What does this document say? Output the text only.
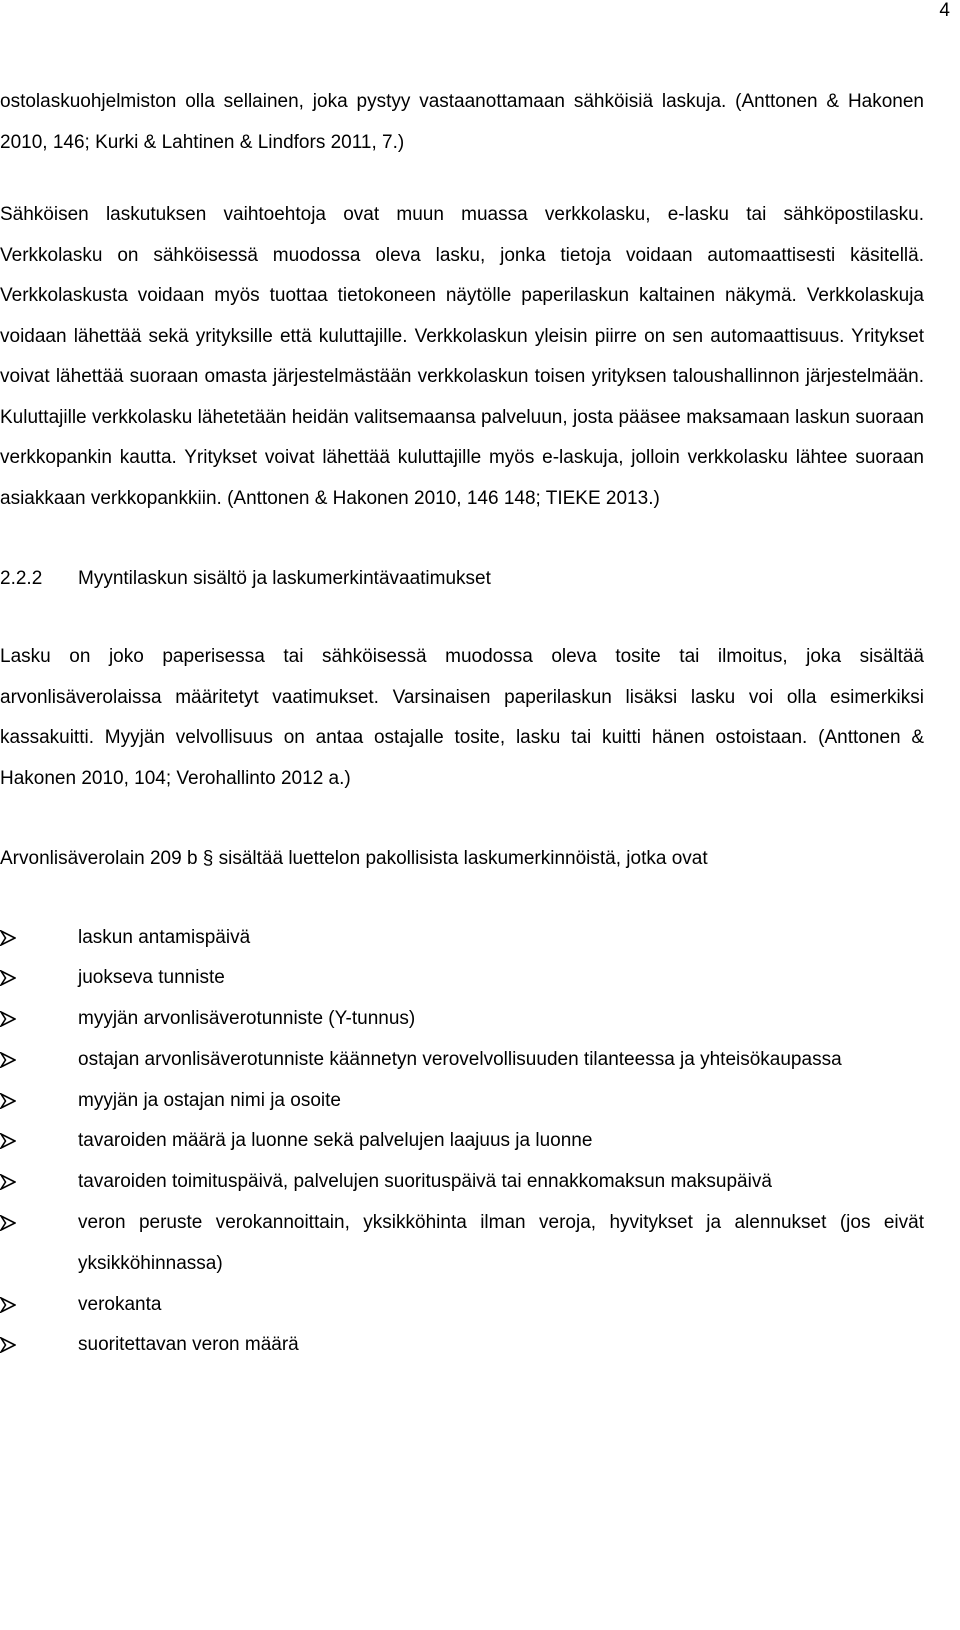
4

ostolaskuohjelmiston olla sellainen, joka pystyy vastaanottamaan sähköisiä laskuja. (Anttonen & Hakonen 2010, 146; Kurki & Lahtinen & Lindfors 2011, 7.)

Sähköisen laskutuksen vaihtoehtoja ovat muun muassa verkkolasku, e-lasku tai sähköpostilasku. Verkkolasku on sähköisessä muodossa oleva lasku, jonka tietoja voidaan automaattisesti käsitellä. Verkkolaskusta voidaan myös tuottaa tietokoneen näytölle paperilaskun kaltainen näkymä. Verkkolaskuja voidaan lähettää sekä yrityksille että kuluttajille. Verkkolaskun yleisin piirre on sen automaattisuus. Yritykset voivat lähettää suoraan omasta järjestelmästään verkkolaskun toisen yrityksen taloushallinnon järjestelmään. Kuluttajille verkkolasku lähetetään heidän valitsemaansa palveluun, josta pääsee maksamaan laskun suoraan verkkopankin kautta. Yritykset voivat lähettää kuluttajille myös e-laskuja, jolloin verkkolasku lähtee suoraan asiakkaan verkkopankkiin. (Anttonen & Hakonen 2010, 146 148; TIEKE 2013.)

2.2.2	Myyntilaskun sisältö ja laskumerkintävaatimukset

Lasku on joko paperisessa tai sähköisessä muodossa oleva tosite tai ilmoitus, joka sisältää arvonlisäverolaissa määritetyt vaatimukset. Varsinaisen paperilaskun lisäksi lasku voi olla esimerkiksi kassakuitti. Myyjän velvollisuus on antaa ostajalle tosite, lasku tai kuitti hänen ostoistaan. (Anttonen & Hakonen 2010, 104; Verohallinto 2012 a.)

Arvonlisäverolain 209 b § sisältää luettelon pakollisista laskumerkinnöistä, jotka ovat

laskun antamispäivä
juokseva tunniste
myyjän arvonlisäverotunniste (Y-tunnus)
ostajan arvonlisäverotunniste käännetyn verovelvollisuuden tilanteessa ja yhteisökaupassa
myyjän ja ostajan nimi ja osoite
tavaroiden määrä ja luonne sekä palvelujen laajuus ja luonne
tavaroiden toimituspäivä, palvelujen suorituspäivä tai ennakkomaksun maksupäivä
veron peruste verokannoittain, yksikköhinta ilman veroja, hyvitykset ja alennukset (jos eivät yksikköhinnassa)
verokanta
suoritettavan veron määrä
